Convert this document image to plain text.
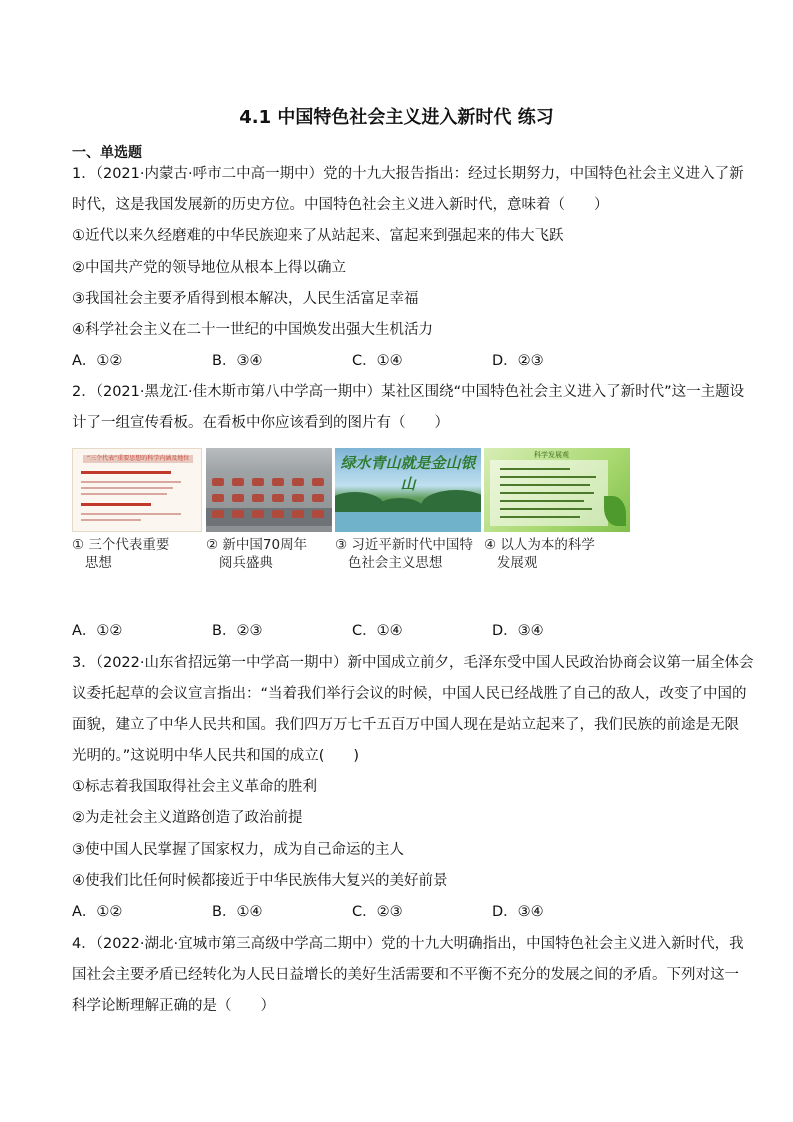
4.1 中国特色社会主义进入新时代 练习
一、单选题
1．（2021·内蒙古·呼市二中高一期中）党的十九大报告指出：经过长期努力，中国特色社会主义进入了新
时代，这是我国发展新的历史方位。中国特色社会主义进入新时代，意味着（　　）
①近代以来久经磨难的中华民族迎来了从站起来、富起来到强起来的伟大飞跃
②中国共产党的领导地位从根本上得以确立
③我国社会主要矛盾得到根本解决，人民生活富足幸福
④科学社会主义在二十一世纪的中国焕发出强大生机活力
A．①②	B．③④	C．①④	D．②③
2．（2021·黑龙江·佳木斯市第八中学高一期中）某社区围绕“中国特色社会主义进入了新时代”这一主题设
计了一组宣传看板。在看板中你应该看到的图片有（　　）
“三个代表”重要思想的科学内涵及地位
① 三个代表重要
思想
② 新中国70周年
阅兵盛典
绿水青山就是金山银山
③ 习近平新时代中国特
色社会主义思想
科学发展观
④ 以人为本的科学
发展观
A．①②	B．②③	C．①④	D．③④
3．（2022·山东省招远第一中学高一期中）新中国成立前夕，毛泽东受中国人民政治协商会议第一届全体会
议委托起草的会议宣言指出：“当着我们举行会议的时候，中国人民已经战胜了自己的敌人，改变了中国的
面貌，建立了中华人民共和国。我们四万万七千五百万中国人现在是站立起来了，我们民族的前途是无限
光明的。”这说明中华人民共和国的成立(　　)
①标志着我国取得社会主义革命的胜利
②为走社会主义道路创造了政治前提
③使中国人民掌握了国家权力，成为自己命运的主人
④使我们比任何时候都接近于中华民族伟大复兴的美好前景
A．①②	B．①④	C．②③	D．③④
4．（2022·湖北·宜城市第三高级中学高二期中）党的十九大明确指出，中国特色社会主义进入新时代，我
国社会主要矛盾已经转化为人民日益增长的美好生活需要和不平衡不充分的发展之间的矛盾。下列对这一
科学论断理解正确的是（　　）
